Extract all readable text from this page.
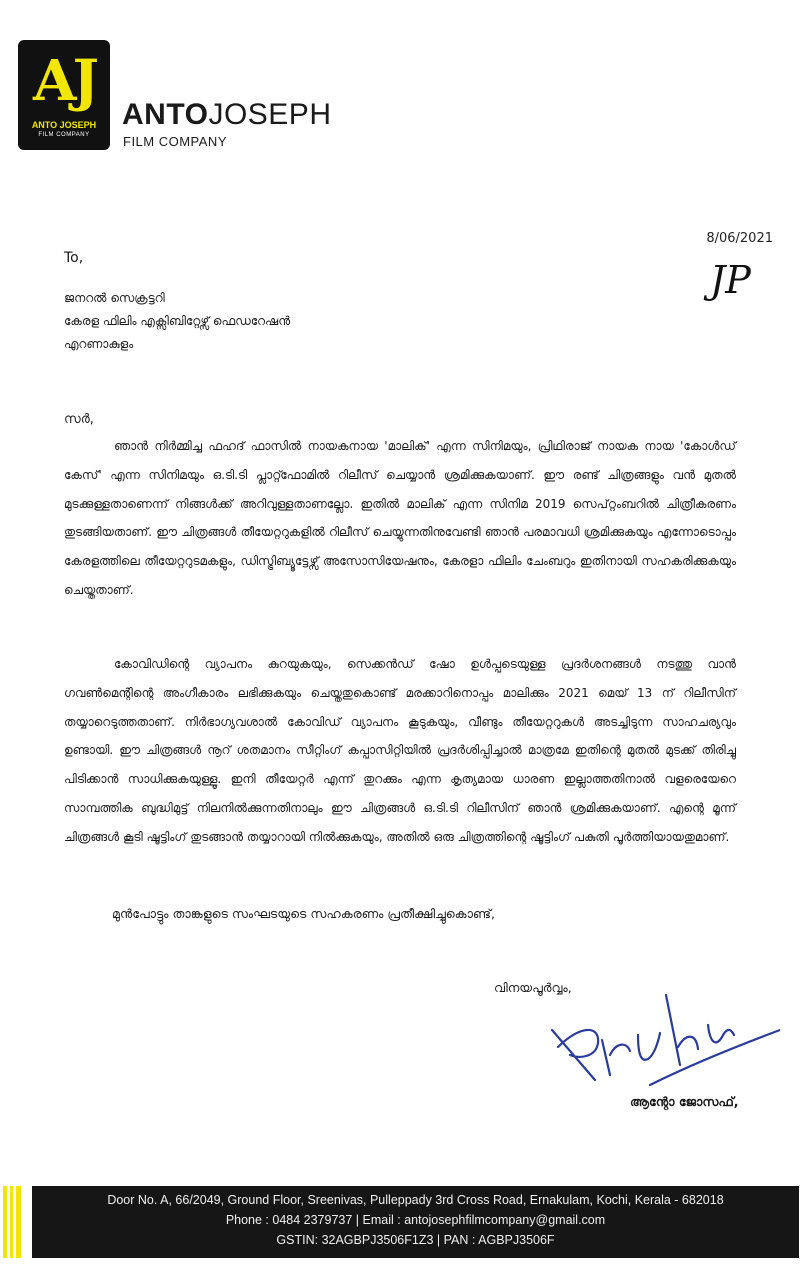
AJ
ANTO JOSEPH
FILM COMPANY
ANTOJOSEPH
FILM COMPANY
8/06/2021
JP
To,
ജനറൽ സെക്രട്ടറി
കേരള ഫിലിം എക്സിബിറ്റേഴ്സ് ഫെഡറേഷൻ
എറണാകുളം
സർ,
ഞാൻ നിർമ്മിച്ച ഫഹദ് ഫാസിൽ നായകനായ 'മാലിക്' എന്ന സിനിമയും, പ്രിഥിരാജ് നായക നായ 'കോൾഡ് കേസ്' എന്ന സിനിമയും ഒ.ടി.ടി പ്ലാറ്റ്ഫോമിൽ റിലീസ് ചെയ്യാൻ ശ്രമിക്കുകയാണ്. ഈ രണ്ട് ചിത്രങ്ങളും വൻ മുതൽ മുടക്കുള്ളതാണെന്ന് നിങ്ങൾക്ക് അറിവുള്ളതാണല്ലോ. ഇതിൽ മാലിക് എന്ന സിനിമ 2019 സെപ്റ്റംബറിൽ ചിത്രീകരണം തുടങ്ങിയതാണ്. ഈ ചിത്രങ്ങൾ തീയേറ്ററുകളിൽ റിലീസ് ചെയ്യുന്നതിനുവേണ്ടി ഞാൻ പരമാവധി ശ്രമിക്കുകയും എന്നോടൊപ്പം കേരളത്തിലെ തീയേറ്ററുടമകളും, ഡിസ്ട്രിബ്യൂട്ടേഴ്സ് അസോസിയേഷനും, കേരളാ ഫിലിം ചേംബറും ഇതിനായി സഹകരിക്കുകയും ചെയ്തതാണ്.
കോവിഡിന്റെ വ്യാപനം കുറയുകയും, സെക്കൻഡ് ഷോ ഉൾപ്പടെയുള്ള പ്രദർശനങ്ങൾ നടത്തു വാൻ ഗവൺമെന്റിന്റെ അംഗീകാരം ലഭിക്കുകയും ചെയ്തതുകൊണ്ട് മരക്കാറിനൊപ്പം മാലിക്കും 2021 മെയ് 13 ന് റിലീസിന് തയ്യാറെടുത്തതാണ്. നിർഭാഗ്യവശാൽ കോവിഡ് വ്യാപനം കൂടുകയും, വീണ്ടും തീയേറ്ററുകൾ അടച്ചിടുന്ന സാഹചര്യവും ഉണ്ടായി. ഈ ചിത്രങ്ങൾ നൂറ് ശതമാനം സീറ്റിംഗ് കപ്പാസിറ്റിയിൽ പ്രദർശിപ്പിച്ചാൽ മാത്രമേ ഇതിന്റെ മുതൽ മുടക്ക് തിരിച്ചു പിടിക്കാൻ സാധിക്കുകയുള്ളൂ. ഇനി തീയേറ്റർ എന്ന് തുറക്കും എന്ന കൃത്യമായ ധാരണ ഇല്ലാത്തതിനാൽ വളരെയേറെ സാമ്പത്തിക ബുദ്ധിമുട്ട് നിലനിൽക്കുന്നതിനാലും ഈ ചിത്രങ്ങൾ ഒ.ടി.ടി റിലീസിന് ഞാൻ ശ്രമിക്കുകയാണ്. എന്റെ മൂന്ന് ചിത്രങ്ങൾ കൂടി ഷൂട്ടിംഗ് തുടങ്ങാൻ തയ്യാറായി നിൽക്കുകയും, അതിൽ ഒരു ചിത്രത്തിന്റെ ഷൂട്ടിംഗ് പകുതി പൂർത്തിയായതുമാണ്.
മുൻപോട്ടും താങ്കളുടെ സംഘടയുടെ സഹകരണം പ്രതീക്ഷിച്ചുകൊണ്ട്,
വിനയപൂർവ്വം,
ആന്റോ ജോസഫ്,
Door No. A, 66/2049, Ground Floor, Sreenivas, Pulleppady 3rd Cross Road, Ernakulam, Kochi, Kerala - 682018
Phone : 0484 2379737 | Email : antojosephfilmcompany@gmail.com
GSTIN: 32AGBPJ3506F1Z3 | PAN : AGBPJ3506F
